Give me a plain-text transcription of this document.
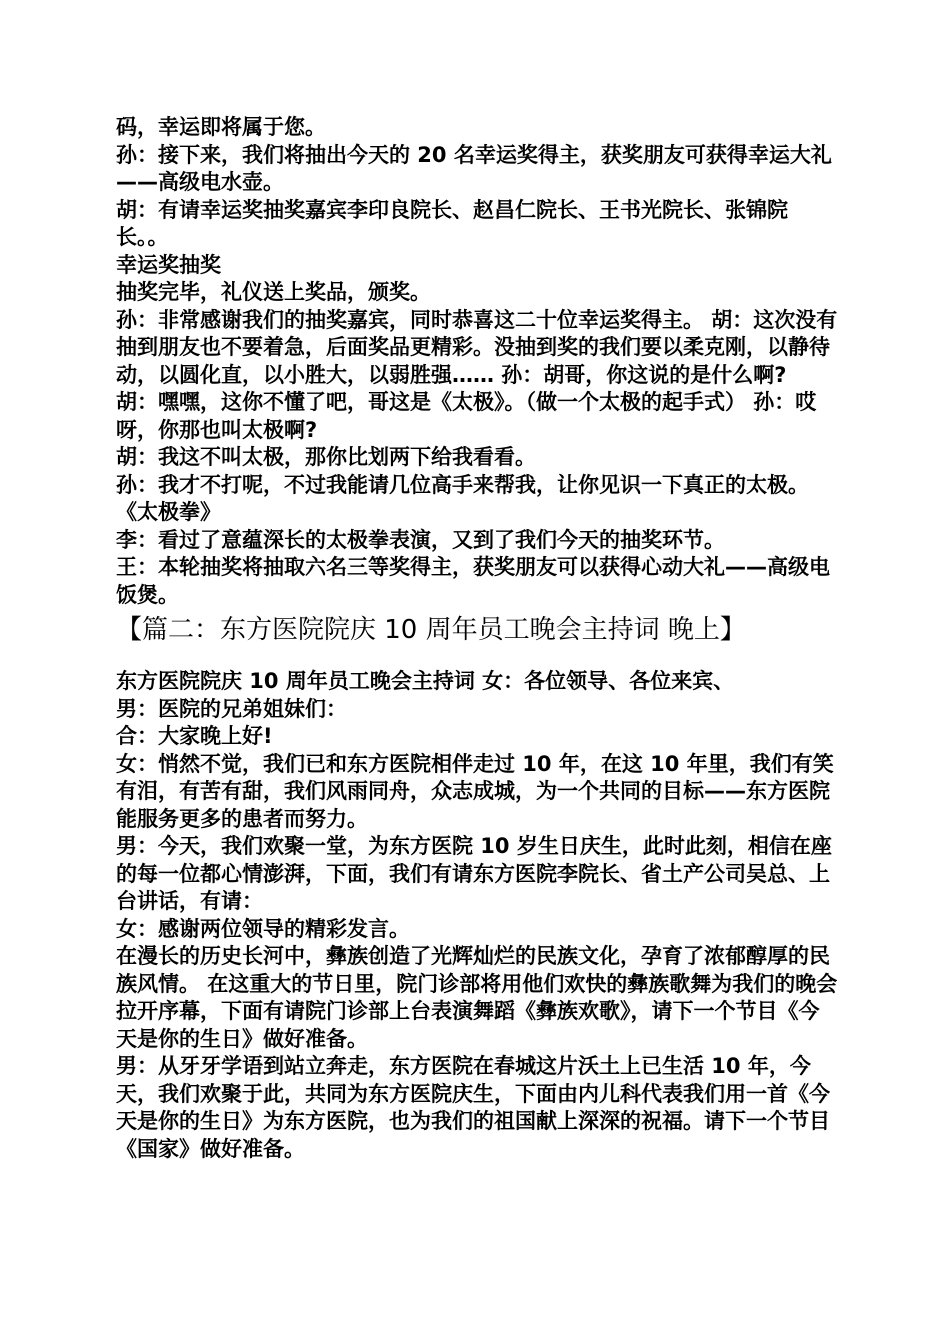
码，幸运即将属于您。

孙：接下来，我们将抽出今天的 20 名幸运奖得主，获奖朋友可获得幸运大礼——高级电水壶。

胡：有请幸运奖抽奖嘉宾李印良院长、赵昌仁院长、王书光院长、张锦院长。。

幸运奖抽奖

抽奖完毕，礼仪送上奖品，颁奖。

孙：非常感谢我们的抽奖嘉宾，同时恭喜这二十位幸运奖得主。 胡：这次没有抽到朋友也不要着急，后面奖品更精彩。没抽到奖的我们要以柔克刚，以静待动，以圆化直，以小胜大，以弱胜强…… 孙：胡哥，你这说的是什么啊?

胡：嘿嘿，这你不懂了吧，哥这是《太极》。（做一个太极的起手式） 孙：哎呀，你那也叫太极啊?

胡：我这不叫太极，那你比划两下给我看看。

孙：我才不打呢，不过我能请几位高手来帮我，让你见识一下真正的太极。

《太极拳》

李：看过了意蕴深长的太极拳表演，又到了我们今天的抽奖环节。

王：本轮抽奖将抽取六名三等奖得主，获奖朋友可以获得心动大礼——高级电饭煲。

【篇二：东方医院院庆 10 周年员工晚会主持词 晚上】

东方医院院庆 10 周年员工晚会主持词 女：各位领导、各位来宾、

男：医院的兄弟姐妹们：

合：大家晚上好!

女：悄然不觉，我们已和东方医院相伴走过 10 年，在这 10 年里，我们有笑有泪，有苦有甜，我们风雨同舟，众志成城，为一个共同的目标——东方医院能服务更多的患者而努力。

男：今天，我们欢聚一堂，为东方医院 10 岁生日庆生，此时此刻，相信在座的每一位都心情澎湃，下面，我们有请东方医院李院长、省土产公司吴总、上台讲话，有请：

女：感谢两位领导的精彩发言。

在漫长的历史长河中，彝族创造了光辉灿烂的民族文化，孕育了浓郁醇厚的民族风情。 在这重大的节日里，院门诊部将用他们欢快的彝族歌舞为我们的晚会拉开序幕，下面有请院门诊部上台表演舞蹈《彝族欢歌》，请下一个节目《今天是你的生日》做好准备。

男：从牙牙学语到站立奔走，东方医院在春城这片沃土上已生活 10 年，今天，我们欢聚于此，共同为东方医院庆生，下面由内儿科代表我们用一首《今天是你的生日》为东方医院，也为我们的祖国献上深深的祝福。请下一个节目《国家》做好准备。
